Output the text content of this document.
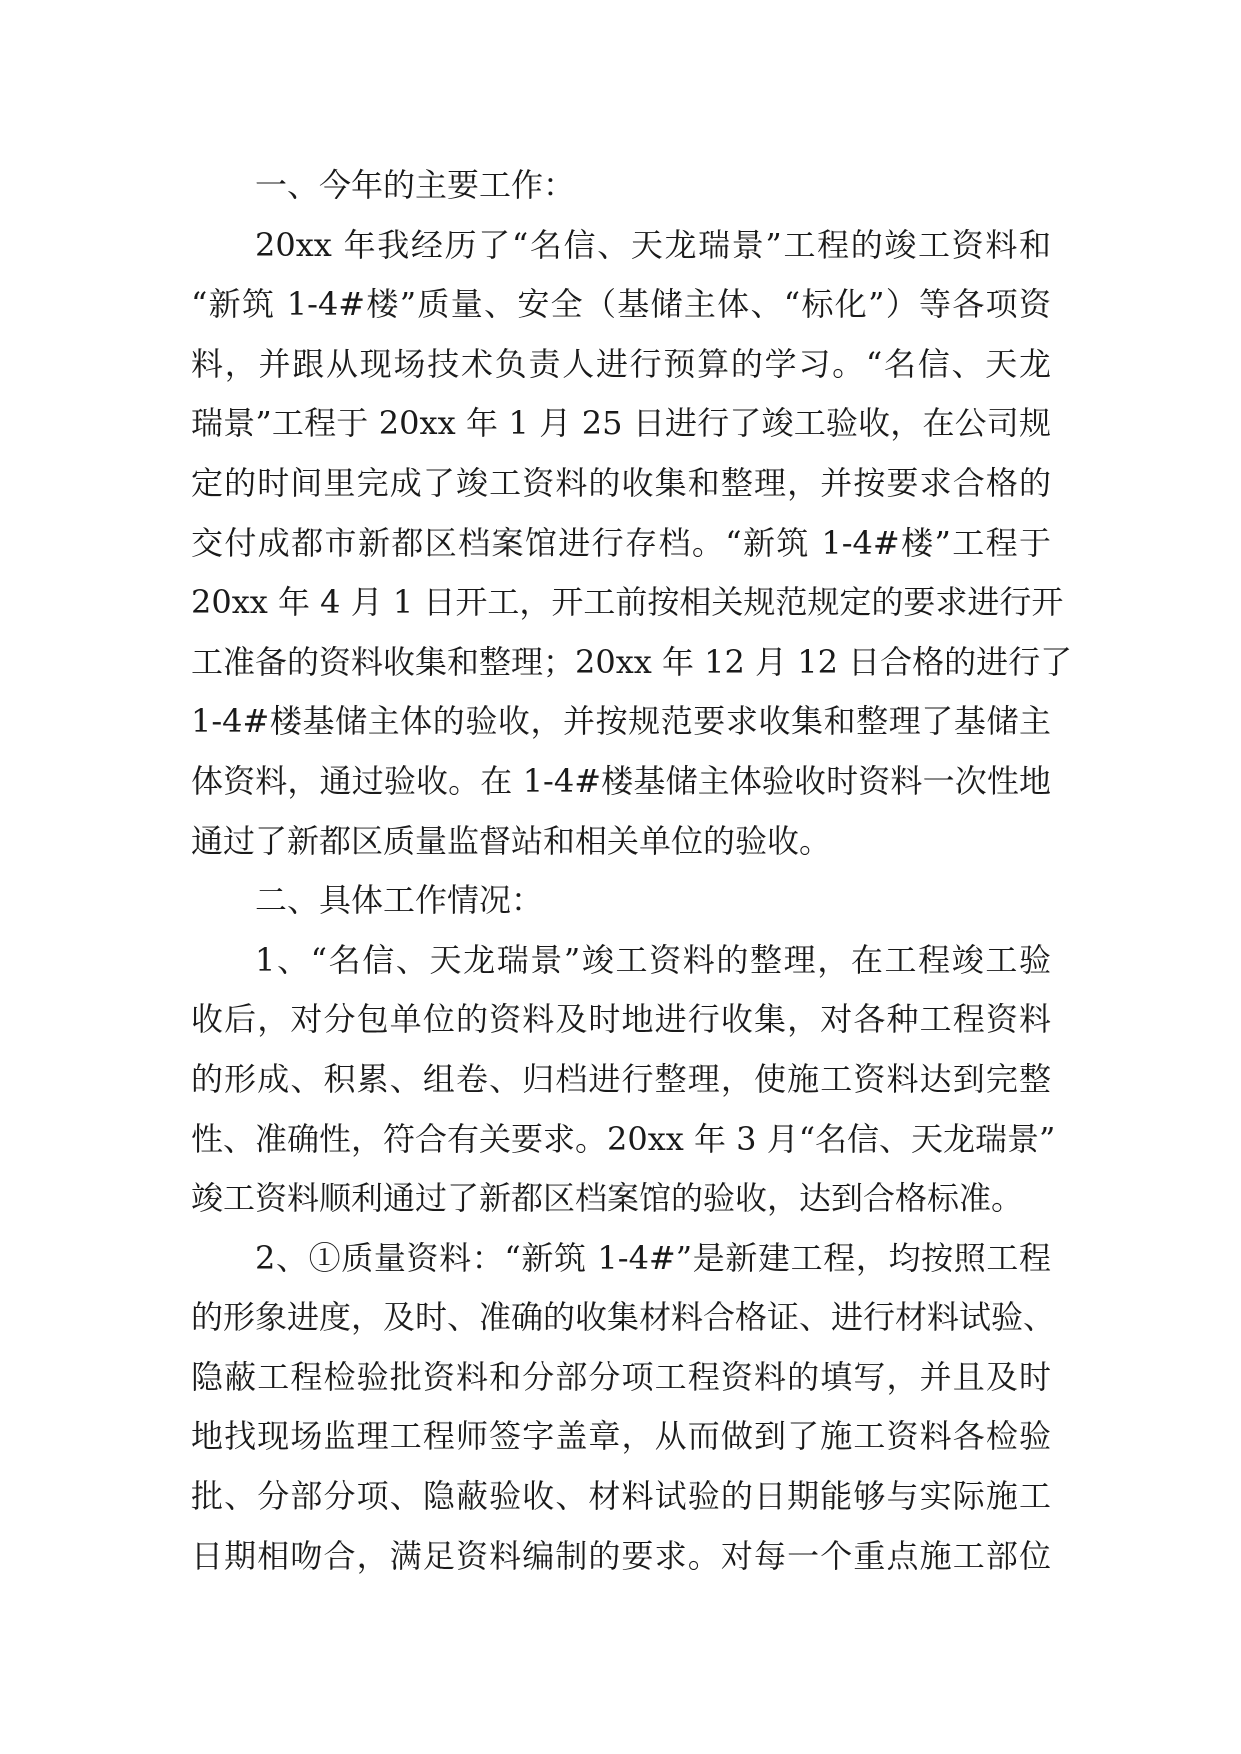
一、今年的主要工作：
20xx 年我经历了“名信、天龙瑞景”工程的竣工资料和
“新筑 1-4#楼”质量、安全（基储主体、“标化”）等各项资
料，并跟从现场技术负责人进行预算的学习。“名信、天龙
瑞景”工程于 20xx 年 1 月 25 日进行了竣工验收，在公司规
定的时间里完成了竣工资料的收集和整理，并按要求合格的
交付成都市新都区档案馆进行存档。“新筑 1-4#楼”工程于
20xx 年 4 月 1 日开工，开工前按相关规范规定的要求进行开
工准备的资料收集和整理；20xx 年 12 月 12 日合格的进行了
1-4#楼基储主体的验收，并按规范要求收集和整理了基储主
体资料，通过验收。在 1-4#楼基储主体验收时资料一次性地
通过了新都区质量监督站和相关单位的验收。
二、具体工作情况：
1、“名信、天龙瑞景”竣工资料的整理，在工程竣工验
收后，对分包单位的资料及时地进行收集，对各种工程资料
的形成、积累、组卷、归档进行整理，使施工资料达到完整
性、准确性，符合有关要求。20xx 年 3 月“名信、天龙瑞景”
竣工资料顺利通过了新都区档案馆的验收，达到合格标准。
2、①质量资料：“新筑 1-4#”是新建工程，均按照工程
的形象进度，及时、准确的收集材料合格证、进行材料试验、
隐蔽工程检验批资料和分部分项工程资料的填写，并且及时
地找现场监理工程师签字盖章，从而做到了施工资料各检验
批、分部分项、隐蔽验收、材料试验的日期能够与实际施工
日期相吻合，满足资料编制的要求。对每一个重点施工部位
